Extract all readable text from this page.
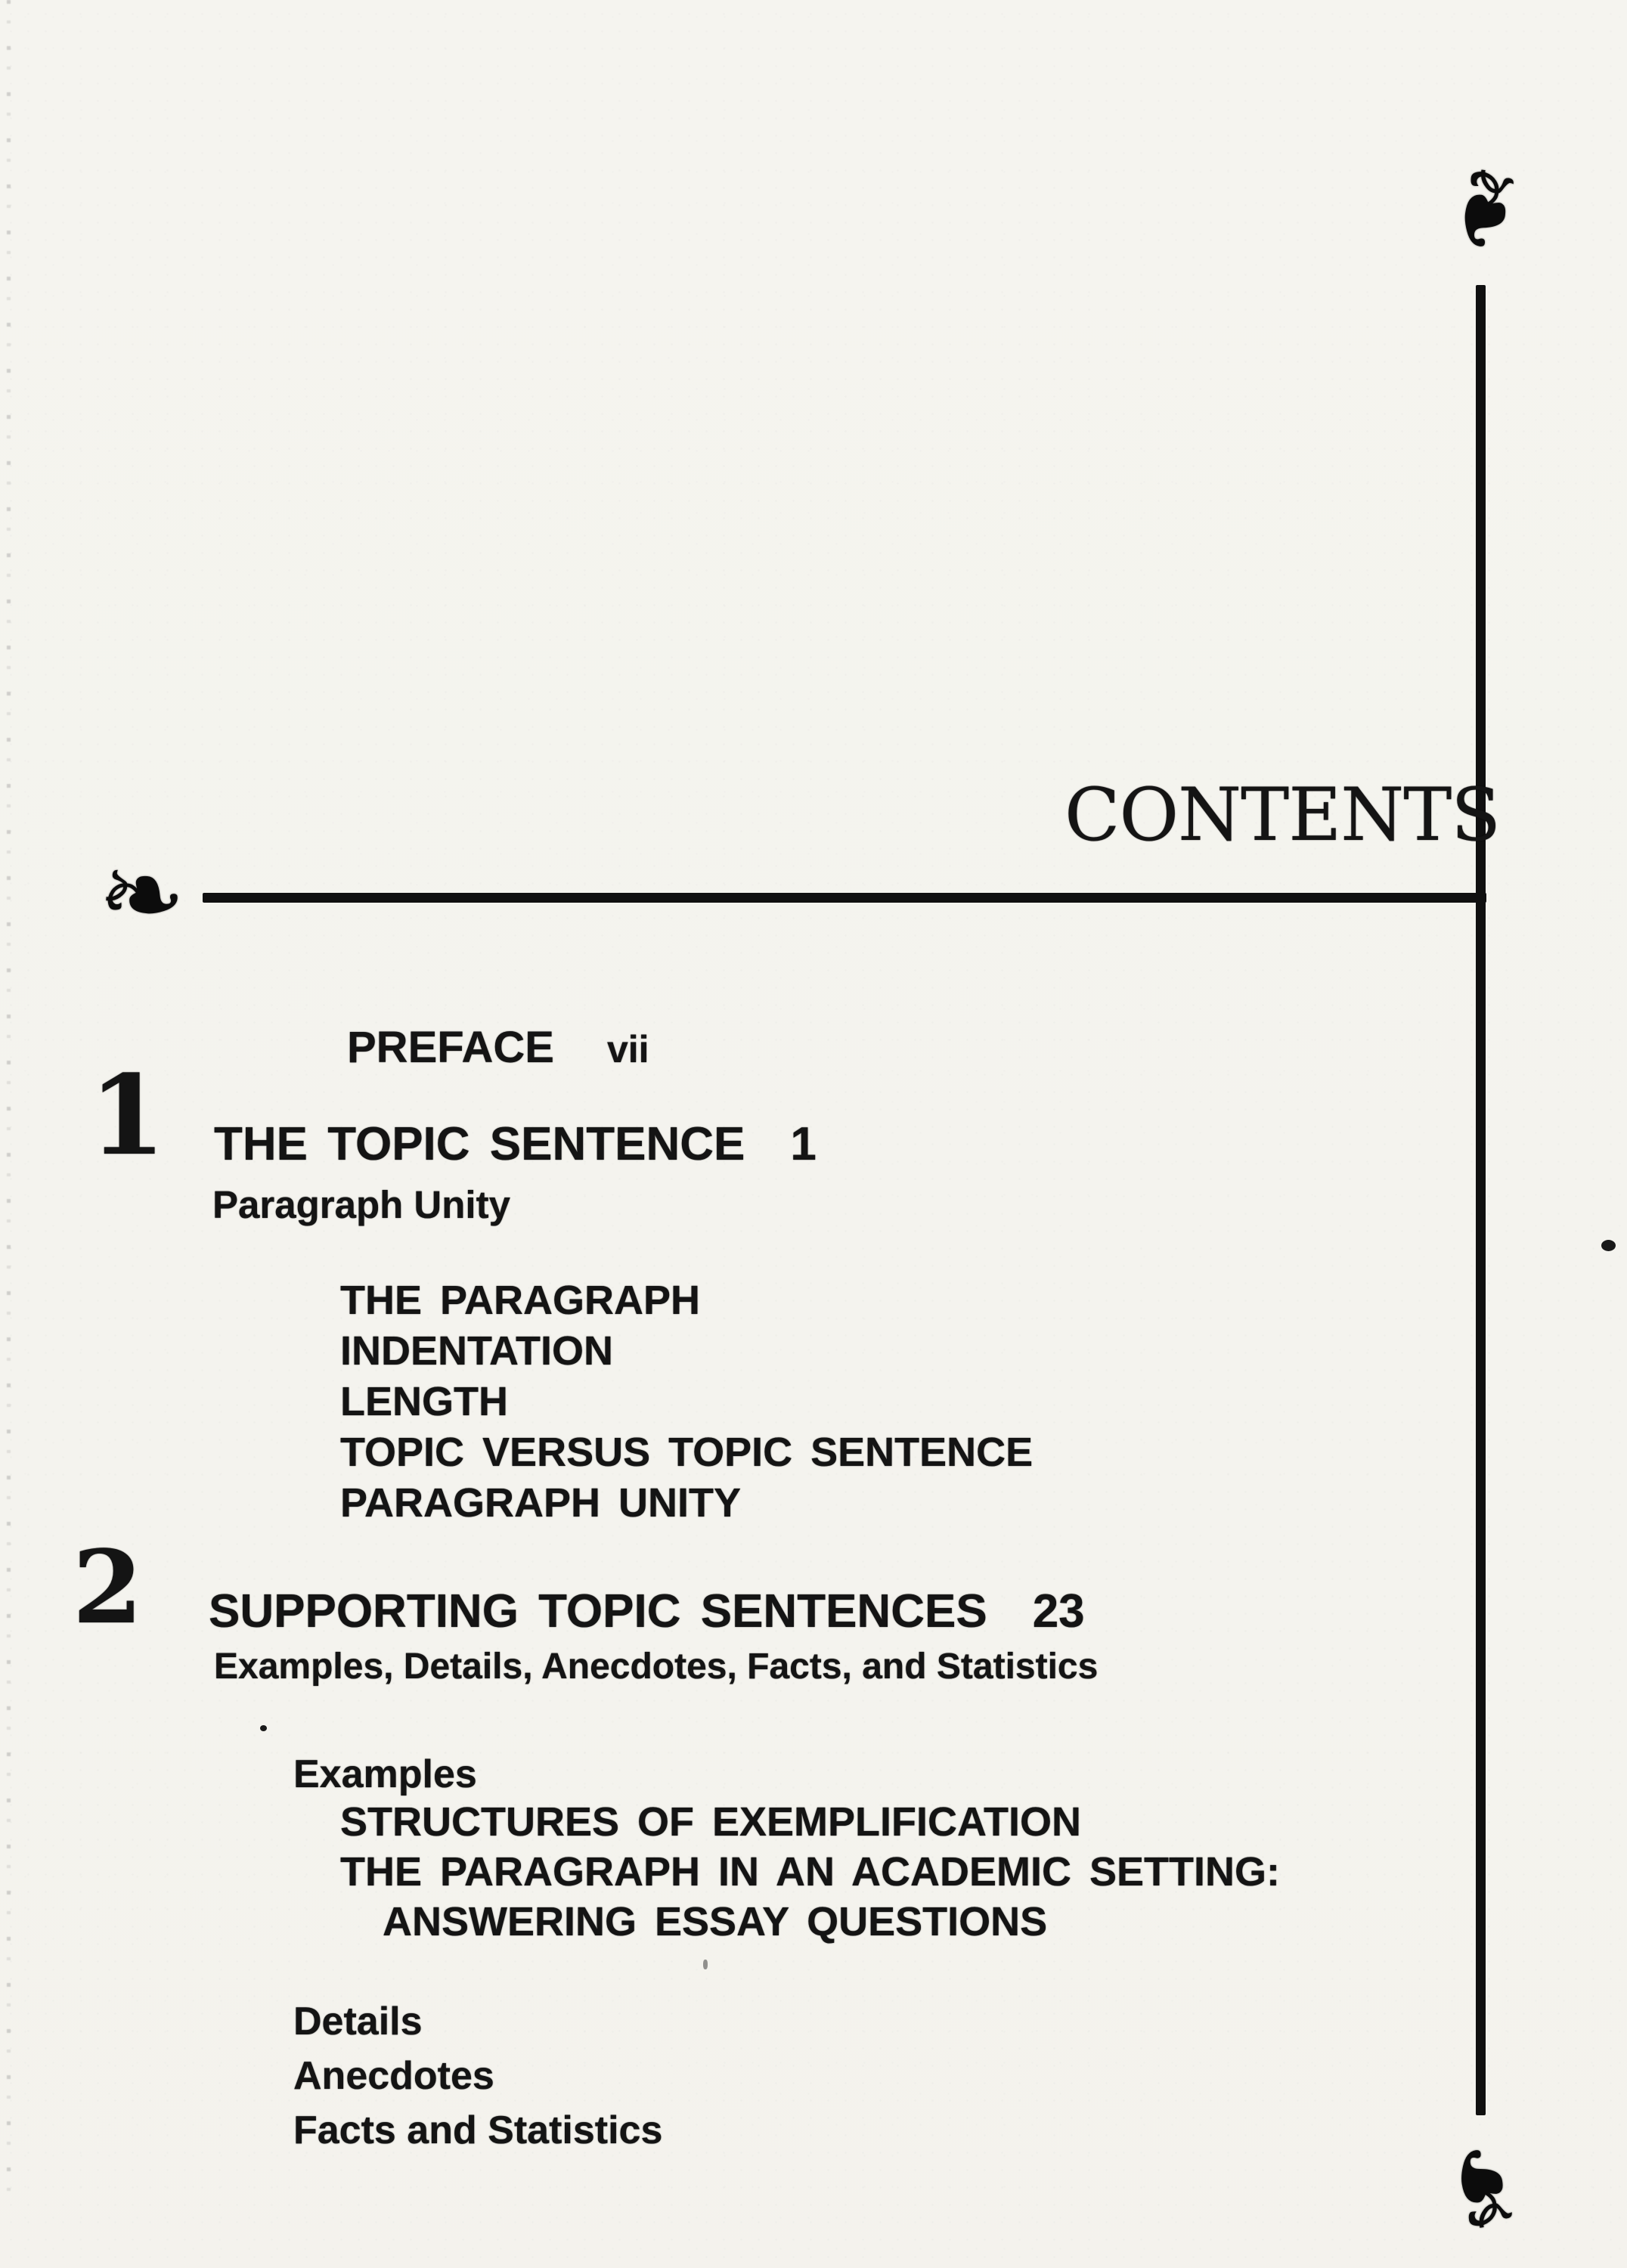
❧
❧
❧
CONTENTS
PREFACE vii
1 THE TOPIC SENTENCE 1
Paragraph Unity
THE PARAGRAPH
INDENTATION
LENGTH
TOPIC VERSUS TOPIC SENTENCE
PARAGRAPH UNITY
2 SUPPORTING TOPIC SENTENCES 23
Examples, Details, Anecdotes, Facts, and Statistics
Examples
STRUCTURES OF EXEMPLIFICATION
THE PARAGRAPH IN AN ACADEMIC SETTING:
ANSWERING ESSAY QUESTIONS
Details
Anecdotes
Facts and Statistics
